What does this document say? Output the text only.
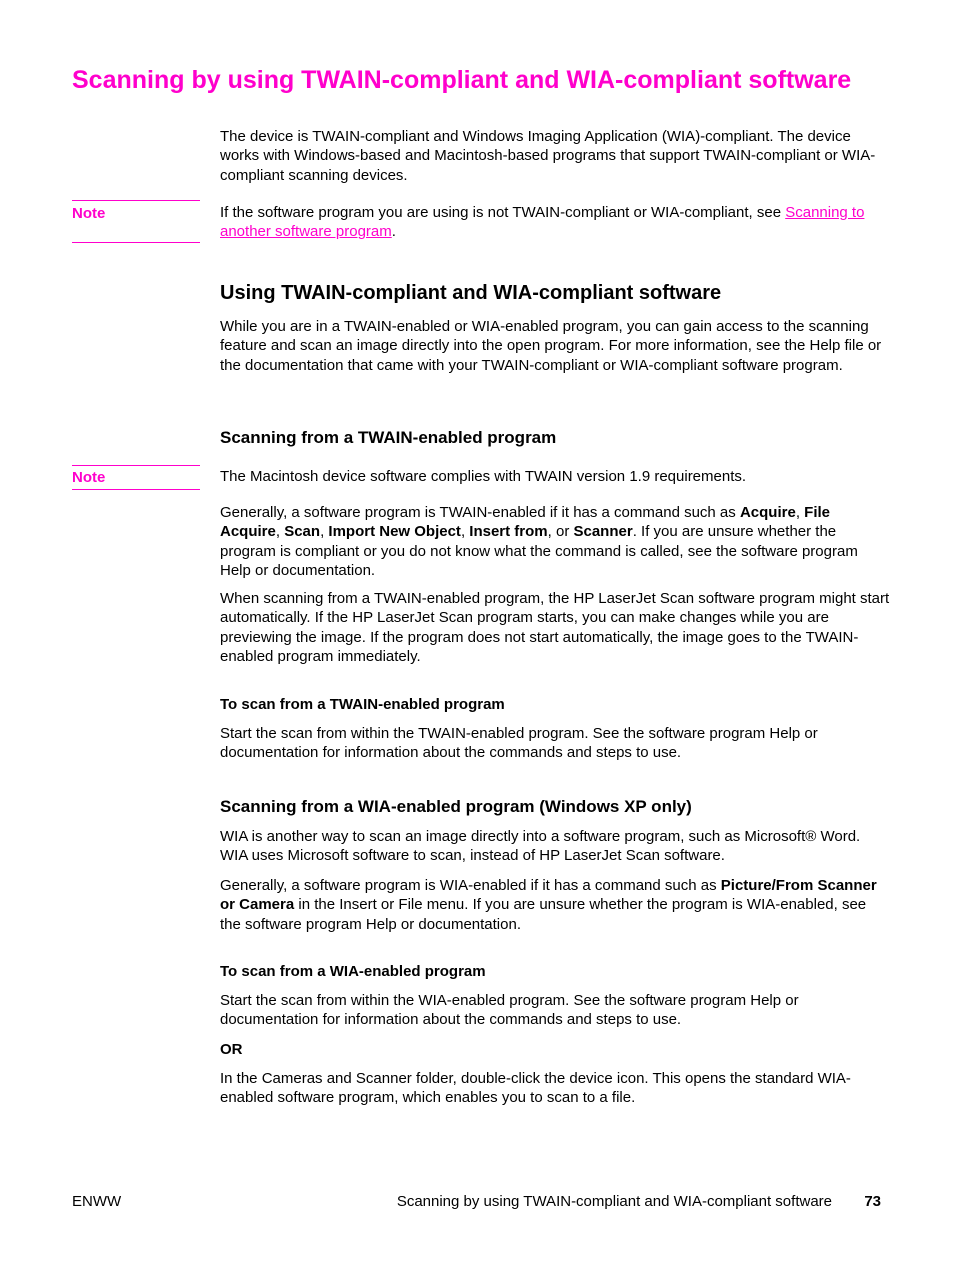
Scanning by using TWAIN-compliant and WIA-compliant software

The device is TWAIN-compliant and Windows Imaging Application (WIA)-compliant. The device works with Windows-based and Macintosh-based programs that support TWAIN-compliant or WIA-compliant scanning devices.

Note	If the software program you are using is not TWAIN-compliant or WIA-compliant, see Scanning to another software program.

Using TWAIN-compliant and WIA-compliant software

While you are in a TWAIN-enabled or WIA-enabled program, you can gain access to the scanning feature and scan an image directly into the open program. For more information, see the Help file or the documentation that came with your TWAIN-compliant or WIA-compliant software program.

Scanning from a TWAIN-enabled program
Note	The Macintosh device software complies with TWAIN version 1.9 requirements.

Generally, a software program is TWAIN-enabled if it has a command such as Acquire, File Acquire, Scan, Import New Object, Insert from, or Scanner. If you are unsure whether the program is compliant or you do not know what the command is called, see the software program Help or documentation.

When scanning from a TWAIN-enabled program, the HP LaserJet Scan software program might start automatically. If the HP LaserJet Scan program starts, you can make changes while you are previewing the image. If the program does not start automatically, the image goes to the TWAIN-enabled program immediately.

To scan from a TWAIN-enabled program

Start the scan from within the TWAIN-enabled program. See the software program Help or documentation for information about the commands and steps to use.

Scanning from a WIA-enabled program (Windows XP only)

WIA is another way to scan an image directly into a software program, such as Microsoft® Word. WIA uses Microsoft software to scan, instead of HP LaserJet Scan software.

Generally, a software program is WIA-enabled if it has a command such as Picture/From Scanner or Camera in the Insert or File menu. If you are unsure whether the program is WIA-enabled, see the software program Help or documentation.

To scan from a WIA-enabled program

Start the scan from within the WIA-enabled program. See the software program Help or documentation for information about the commands and steps to use.

OR

In the Cameras and Scanner folder, double-click the device icon. This opens the standard WIA-enabled software program, which enables you to scan to a file.

ENWW	Scanning by using TWAIN-compliant and WIA-compliant software 73
